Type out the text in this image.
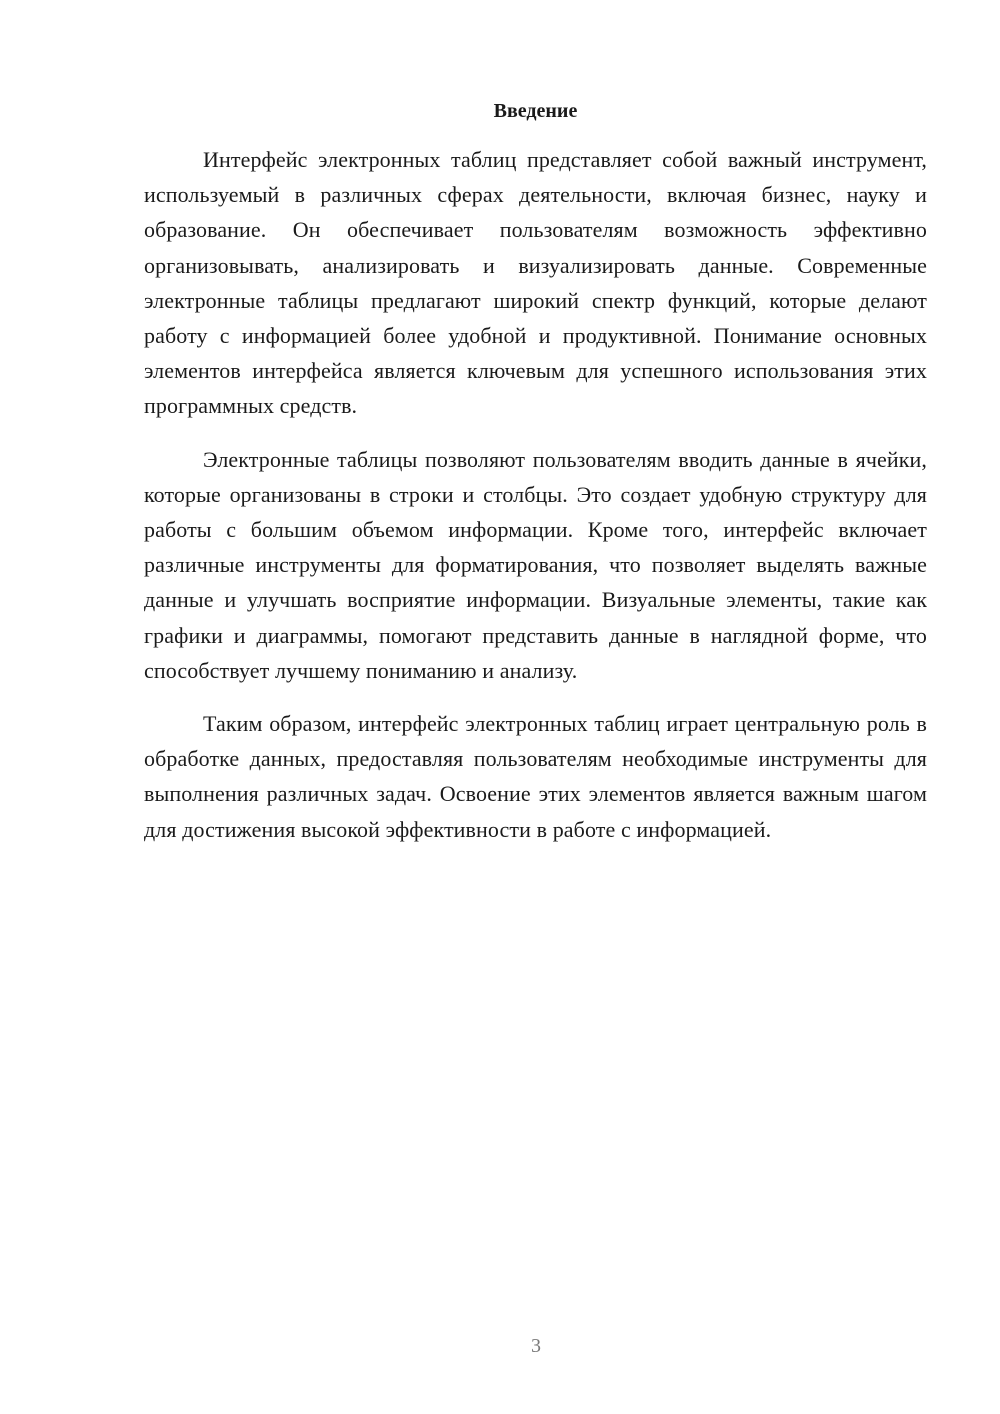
Введение

Интерфейс электронных таблиц представляет собой важный инструмент, используемый в различных сферах деятельности, включая бизнес, науку и образование. Он обеспечивает пользователям возможность эффективно организовывать, анализировать и визуализировать данные. Современные электронные таблицы предлагают широкий спектр функций, которые делают работу с информацией более удобной и продуктивной. Понимание основных элементов интерфейса является ключевым для успешного использования этих программных средств.

Электронные таблицы позволяют пользователям вводить данные в ячейки, которые организованы в строки и столбцы. Это создает удобную структуру для работы с большим объемом информации. Кроме того, интерфейс включает различные инструменты для форматирования, что позволяет выделять важные данные и улучшать восприятие информации. Визуальные элементы, такие как графики и диаграммы, помогают представить данные в наглядной форме, что способствует лучшему пониманию и анализу.

Таким образом, интерфейс электронных таблиц играет центральную роль в обработке данных, предоставляя пользователям необходимые инструменты для выполнения различных задач. Освоение этих элементов является важным шагом для достижения высокой эффективности в работе с информацией.

3
